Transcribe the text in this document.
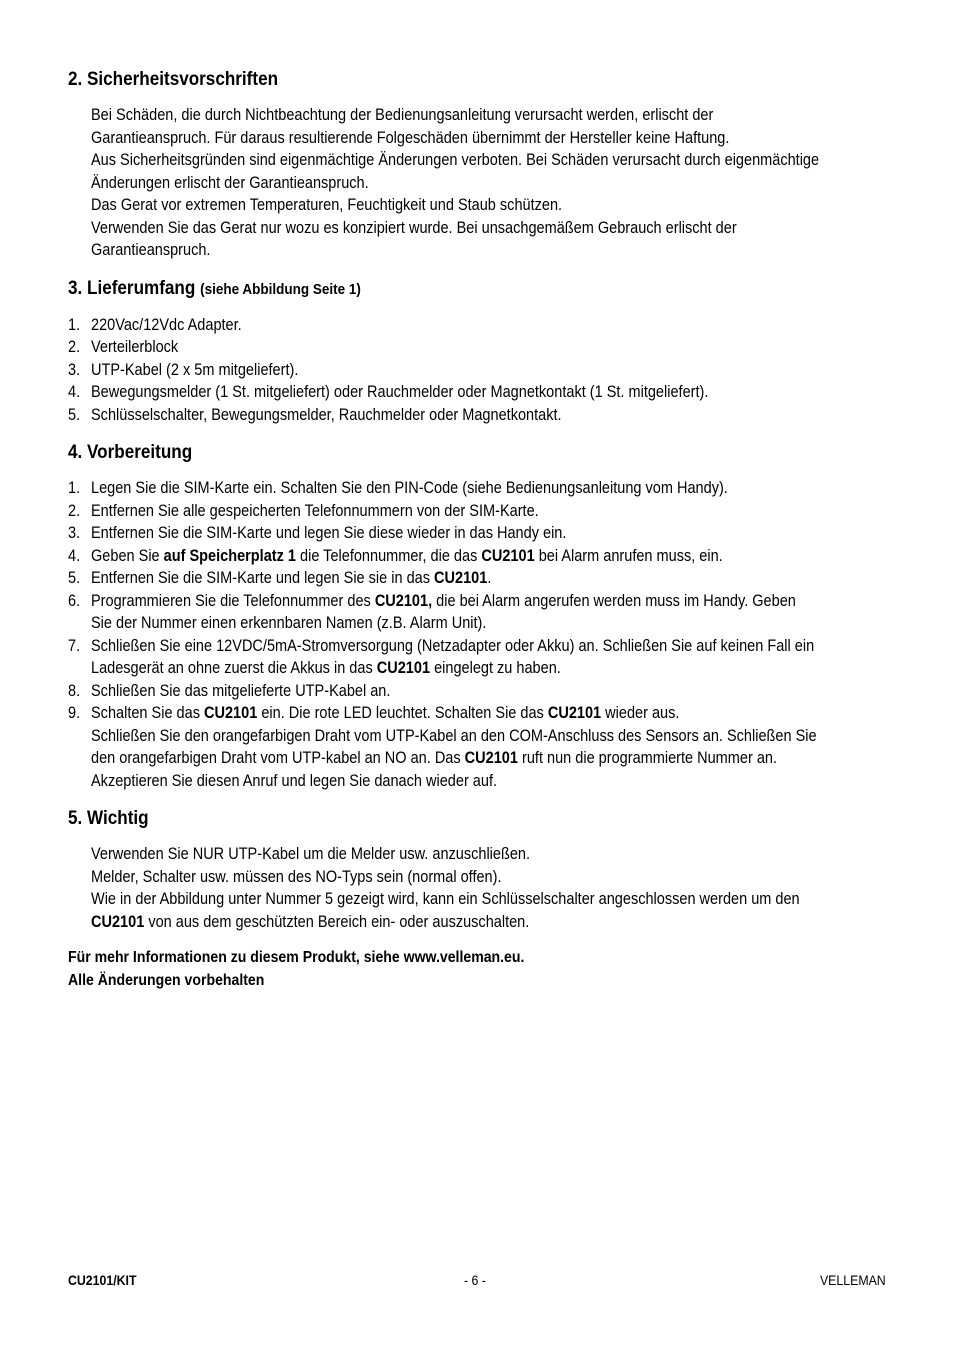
2. Sicherheitsvorschriften
Bei Schäden, die durch Nichtbeachtung der Bedienungsanleitung verursacht werden, erlischt der
Garantieanspruch. Für daraus resultierende Folgeschäden übernimmt der Hersteller keine Haftung.
Aus Sicherheitsgründen sind eigenmächtige Änderungen verboten. Bei Schäden verursacht durch eigenmächtige
Änderungen erlischt der Garantieanspruch.
Das Gerat vor extremen Temperaturen, Feuchtigkeit und Staub schützen.
Verwenden Sie das Gerat nur wozu es konzipiert wurde. Bei unsachgemäßem Gebrauch erlischt der
Garantieanspruch.
3. Lieferumfang (siehe Abbildung Seite 1)
1. 220Vac/12Vdc Adapter.
2. Verteilerblock
3. UTP-Kabel (2 x 5m mitgeliefert).
4. Bewegungsmelder (1 St. mitgeliefert) oder Rauchmelder oder Magnetkontakt (1 St. mitgeliefert).
5. Schlüsselschalter, Bewegungsmelder, Rauchmelder oder Magnetkontakt.
4. Vorbereitung
1. Legen Sie die SIM-Karte ein. Schalten Sie den PIN-Code (siehe Bedienungsanleitung vom Handy).
2. Entfernen Sie alle gespeicherten Telefonnummern von der SIM-Karte.
3. Entfernen Sie die SIM-Karte und legen Sie diese wieder in das Handy ein.
4. Geben Sie auf Speicherplatz 1 die Telefonnummer, die das CU2101 bei Alarm anrufen muss, ein.
5. Entfernen Sie die SIM-Karte und legen Sie sie in das CU2101.
6. Programmieren Sie die Telefonnummer des CU2101, die bei Alarm angerufen werden muss im Handy. Geben
Sie der Nummer einen erkennbaren Namen (z.B. Alarm Unit).
7. Schließen Sie eine 12VDC/5mA-Stromversorgung (Netzadapter oder Akku) an. Schließen Sie auf keinen Fall ein
Ladesgerät an ohne zuerst die Akkus in das CU2101 eingelegt zu haben.
8. Schließen Sie das mitgelieferte UTP-Kabel an.
9. Schalten Sie das CU2101 ein. Die rote LED leuchtet. Schalten Sie das CU2101 wieder aus.
Schließen Sie den orangefarbigen Draht vom UTP-Kabel an den COM-Anschluss des Sensors an. Schließen Sie
den orangefarbigen Draht vom UTP-kabel an NO an. Das CU2101 ruft nun die programmierte Nummer an.
Akzeptieren Sie diesen Anruf und legen Sie danach wieder auf.
5. Wichtig
Verwenden Sie NUR UTP-Kabel um die Melder usw. anzuschließen.
Melder, Schalter usw. müssen des NO-Typs sein (normal offen).
Wie in der Abbildung unter Nummer 5 gezeigt wird, kann ein Schlüsselschalter angeschlossen werden um den
CU2101 von aus dem geschützten Bereich ein- oder auszuschalten.
Für mehr Informationen zu diesem Produkt, siehe www.velleman.eu.
Alle Änderungen vorbehalten
CU2101/KIT	- 6 -	VELLEMAN
